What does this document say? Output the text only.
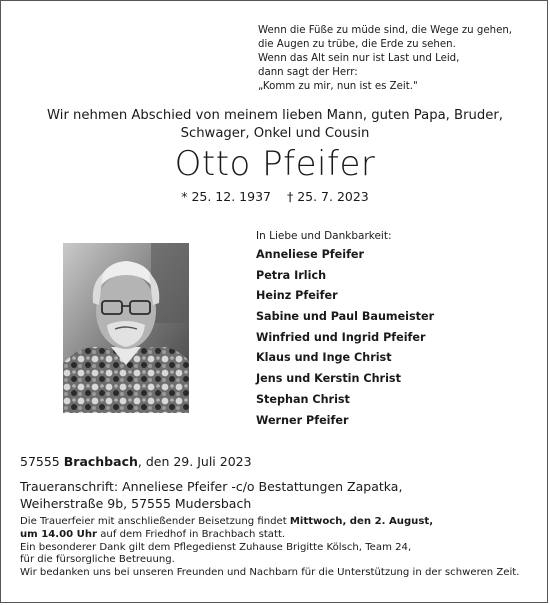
Wenn die Füße zu müde sind, die Wege zu gehen,
die Augen zu trübe, die Erde zu sehen.
Wenn das Alt sein nur ist Last und Leid,
dann sagt der Herr:
„Komm zu mir, nun ist es Zeit."
Wir nehmen Abschied von meinem lieben Mann, guten Papa, Bruder,
Schwager, Onkel und Cousin
Otto Pfeifer
* 25. 12. 1937 † 25. 7. 2023
In Liebe und Dankbarkeit:
Anneliese Pfeifer
Petra Irlich
Heinz Pfeifer
Sabine und Paul Baumeister
Winfried und Ingrid Pfeifer
Klaus und Inge Christ
Jens und Kerstin Christ
Stephan Christ
Werner Pfeifer
57555 Brachbach, den 29. Juli 2023
Traueranschrift: Anneliese Pfeifer -c/o Bestattungen Zapatka,
Weiherstraße 9b, 57555 Mudersbach
Die Trauerfeier mit anschließender Beisetzung findet Mittwoch, den 2. August,
um 14.00 Uhr auf dem Friedhof in Brachbach statt.
Ein besonderer Dank gilt dem Pflegedienst Zuhause Brigitte Kölsch, Team 24,
für die fürsorgliche Betreuung.
Wir bedanken uns bei unseren Freunden und Nachbarn für die Unterstützung in der schweren Zeit.
